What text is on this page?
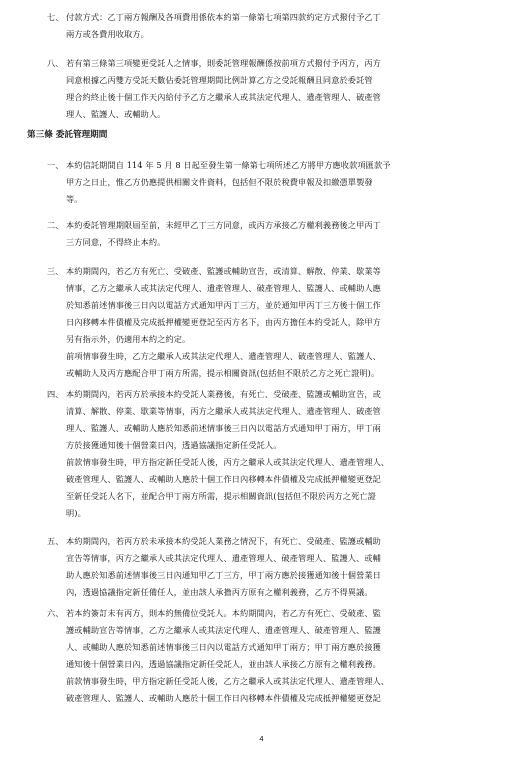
七、 付款方式：乙丁兩方報酬及各項費用係依本約第一條第七項第四款約定方式撥付予乙丁
兩方或各費用收取方。
八、 若有第三條第三項變更受託人之情事，則委託管理報酬係按前項方式撥付予丙方，丙方
同意根據乙丙雙方受託天數佔委託管理期間比例計算乙方之受託報酬且同意於委託管
理合約終止後十個工作天內給付予乙方之繼承人或其法定代理人、遺產管理人、破產管
理人、監護人、或輔助人。
第三條 委託管理期間
一、 本約信託期間自 114 年 5 月 8 日起至發生第一條第七項所述乙方將甲方應收款項匯款予
甲方之日止，惟乙方仍應提供相關文件資料，包括但不限於稅費申報及扣繳憑單製發
等。
二、 本約委託管理期限屆至前，未經甲乙丁三方同意，或丙方承接乙方權利義務後之甲丙丁
三方同意，不得終止本約。
三、 本約期間內，若乙方有死亡、受破產、監護或輔助宣告，或清算、解散、停業、歇業等
情事，乙方之繼承人或其法定代理人、遺產管理人、破產管理人、監護人、或輔助人應
於知悉前述情事後三日內以電話方式通知甲丙丁三方，並於通知甲丙丁三方後十個工作
日內移轉本件債權及完成抵押權變更登記至丙方名下，由丙方擔任本約受託人，除甲方
另有指示外，仍適用本約之約定。
前項情事發生時，乙方之繼承人或其法定代理人、遺產管理人、破產管理人、監護人、
或輔助人及丙方應配合甲丁兩方所需，提示相關資訊(包括但不限於乙方之死亡證明)。
四、 本約期間內，若丙方於承接本約受託人業務後，有死亡、受破產、監護或輔助宣告，或
清算、解散、停業、歇業等情事，丙方之繼承人或其法定代理人、遺產管理人、破產管
理人、監護人、或輔助人應於知悉前述情事後三日內以電話方式通知甲丁兩方，甲丁兩
方於接獲通知後十個營業日內，透過協議指定新任受託人。
前款情事發生時，甲方指定新任受託人後，丙方之繼承人或其法定代理人、遺產管理人、
破產管理人、監護人、或輔助人應於十個工作日內移轉本件債權及完成抵押權變更登記
至新任受託人名下，並配合甲丁兩方所需，提示相關資訊(包括但不限於丙方之死亡證
明)。
五、 本約期間內，若丙方於未承接本約受託人業務之情況下，有死亡、受破產、監護或輔助
宣告等情事，丙方之繼承人或其法定代理人、遺產管理人、破產管理人、監護人、或輔
助人應於知悉前述情事後三日內通知甲乙丁三方，甲丁兩方應於接獲通知後十個營業日
內，透過協議指定新任備任人，並由該人承擔丙方原有之權利義務，乙方不得異議。
六、 若本約簽訂未有丙方，則本約無備位受託人。本約期間內，若乙方有死亡、受破產、監
護或輔助宣告等情事，乙方之繼承人或其法定代理人、遺產管理人、破產管理人、監護
人、或輔助人應於知悉前述情事後三日內以電話方式通知甲丁兩方；甲丁兩方應於接獲
通知後十個營業日內，透過協議指定新任受託人，並由該人承接乙方原有之權利義務。
前款情事發生時，甲方指定新任受託人後，乙方之繼承人或其法定代理人、遺產管理人、
破產管理人、監護人、或輔助人應於十個工作日內移轉本件債權及完成抵押權變更登記
4
